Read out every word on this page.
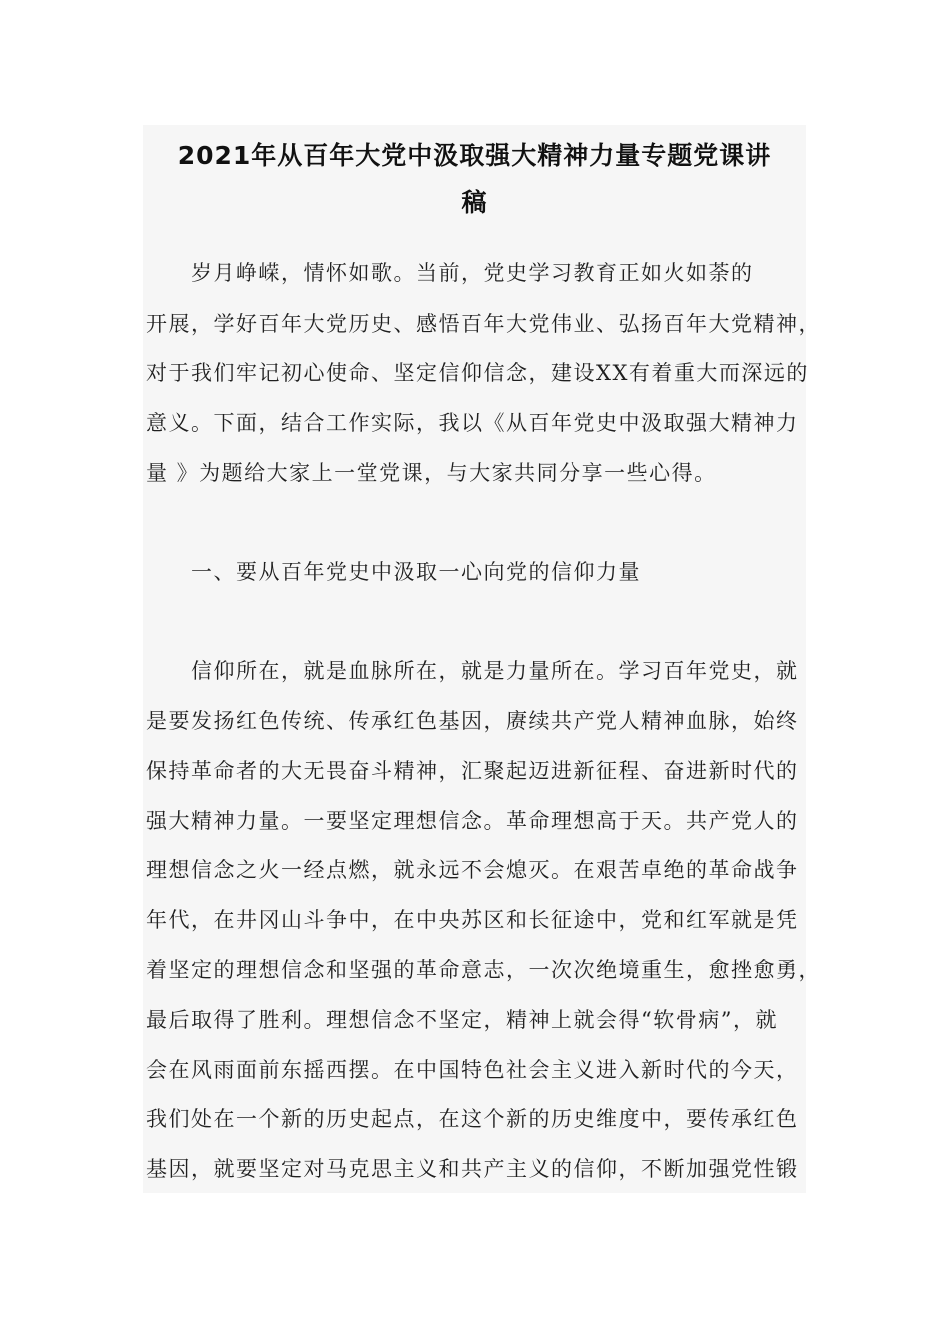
2021年从百年大党中汲取强大精神力量专题党课讲
稿
　　岁月峥嵘，情怀如歌。当前，党史学习教育正如火如荼的
开展，学好百年大党历史、感悟百年大党伟业、弘扬百年大党精神，
对于我们牢记初心使命、坚定信仰信念，建设XX有着重大而深远的
意义。下面，结合工作实际，我以《从百年党史中汲取强大精神力
量 》为题给大家上一堂党课，与大家共同分享一些心得。
　　一、要从百年党史中汲取一心向党的信仰力量
　　信仰所在，就是血脉所在，就是力量所在。学习百年党史，就
是要发扬红色传统、传承红色基因，赓续共产党人精神血脉，始终
保持革命者的大无畏奋斗精神，汇聚起迈进新征程、奋进新时代的
强大精神力量。一要坚定理想信念。革命理想高于天。共产党人的
理想信念之火一经点燃，就永远不会熄灭。在艰苦卓绝的革命战争
年代，在井冈山斗争中，在中央苏区和长征途中，党和红军就是凭
着坚定的理想信念和坚强的革命意志，一次次绝境重生，愈挫愈勇，
最后取得了胜利。理想信念不坚定，精神上就会得“软骨病”，就
会在风雨面前东摇西摆。在中国特色社会主义进入新时代的今天，
我们处在一个新的历史起点，在这个新的历史维度中，要传承红色
基因，就要坚定对马克思主义和共产主义的信仰，不断加强党性锻
